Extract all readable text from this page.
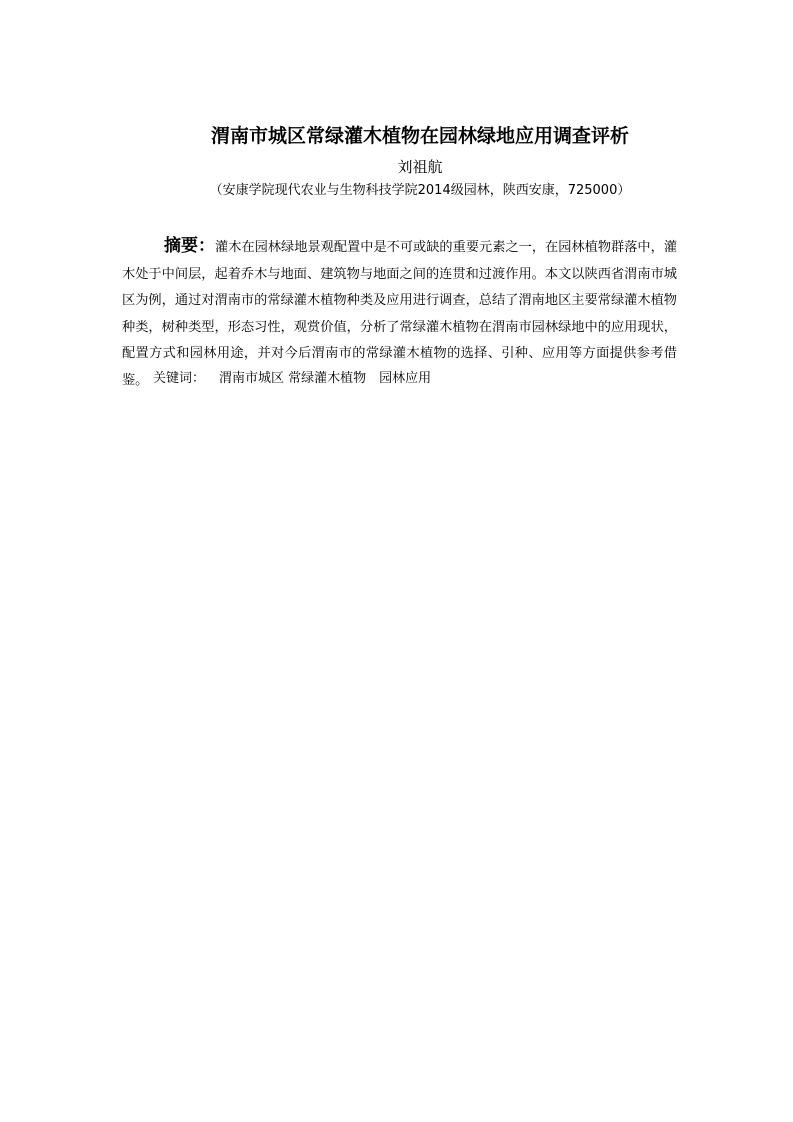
渭南市城区常绿灌木植物在园林绿地应用调查评析
刘祖航
（安康学院现代农业与生物科技学院2014级园林，陕西安康，725000）

摘要：灌木在园林绿地景观配置中是不可或缺的重要元素之一，在园林植物群落中，灌木处于中间层，起着乔木与地面、建筑物与地面之间的连贯和过渡作用。本文以陕西省渭南市城区为例，通过对渭南市的常绿灌木植物种类及应用进行调查，总结了渭南地区主要常绿灌木植物种类，树种类型，形态习性，观赏价值，分析了常绿灌木植物在渭南市园林绿地中的应用现状，配置方式和园林用途，并对今后渭南市的常绿灌木植物的选择、引种、应用等方面提供参考借鉴。 关键词： 渭南市城区 常绿灌木植物　园林应用
